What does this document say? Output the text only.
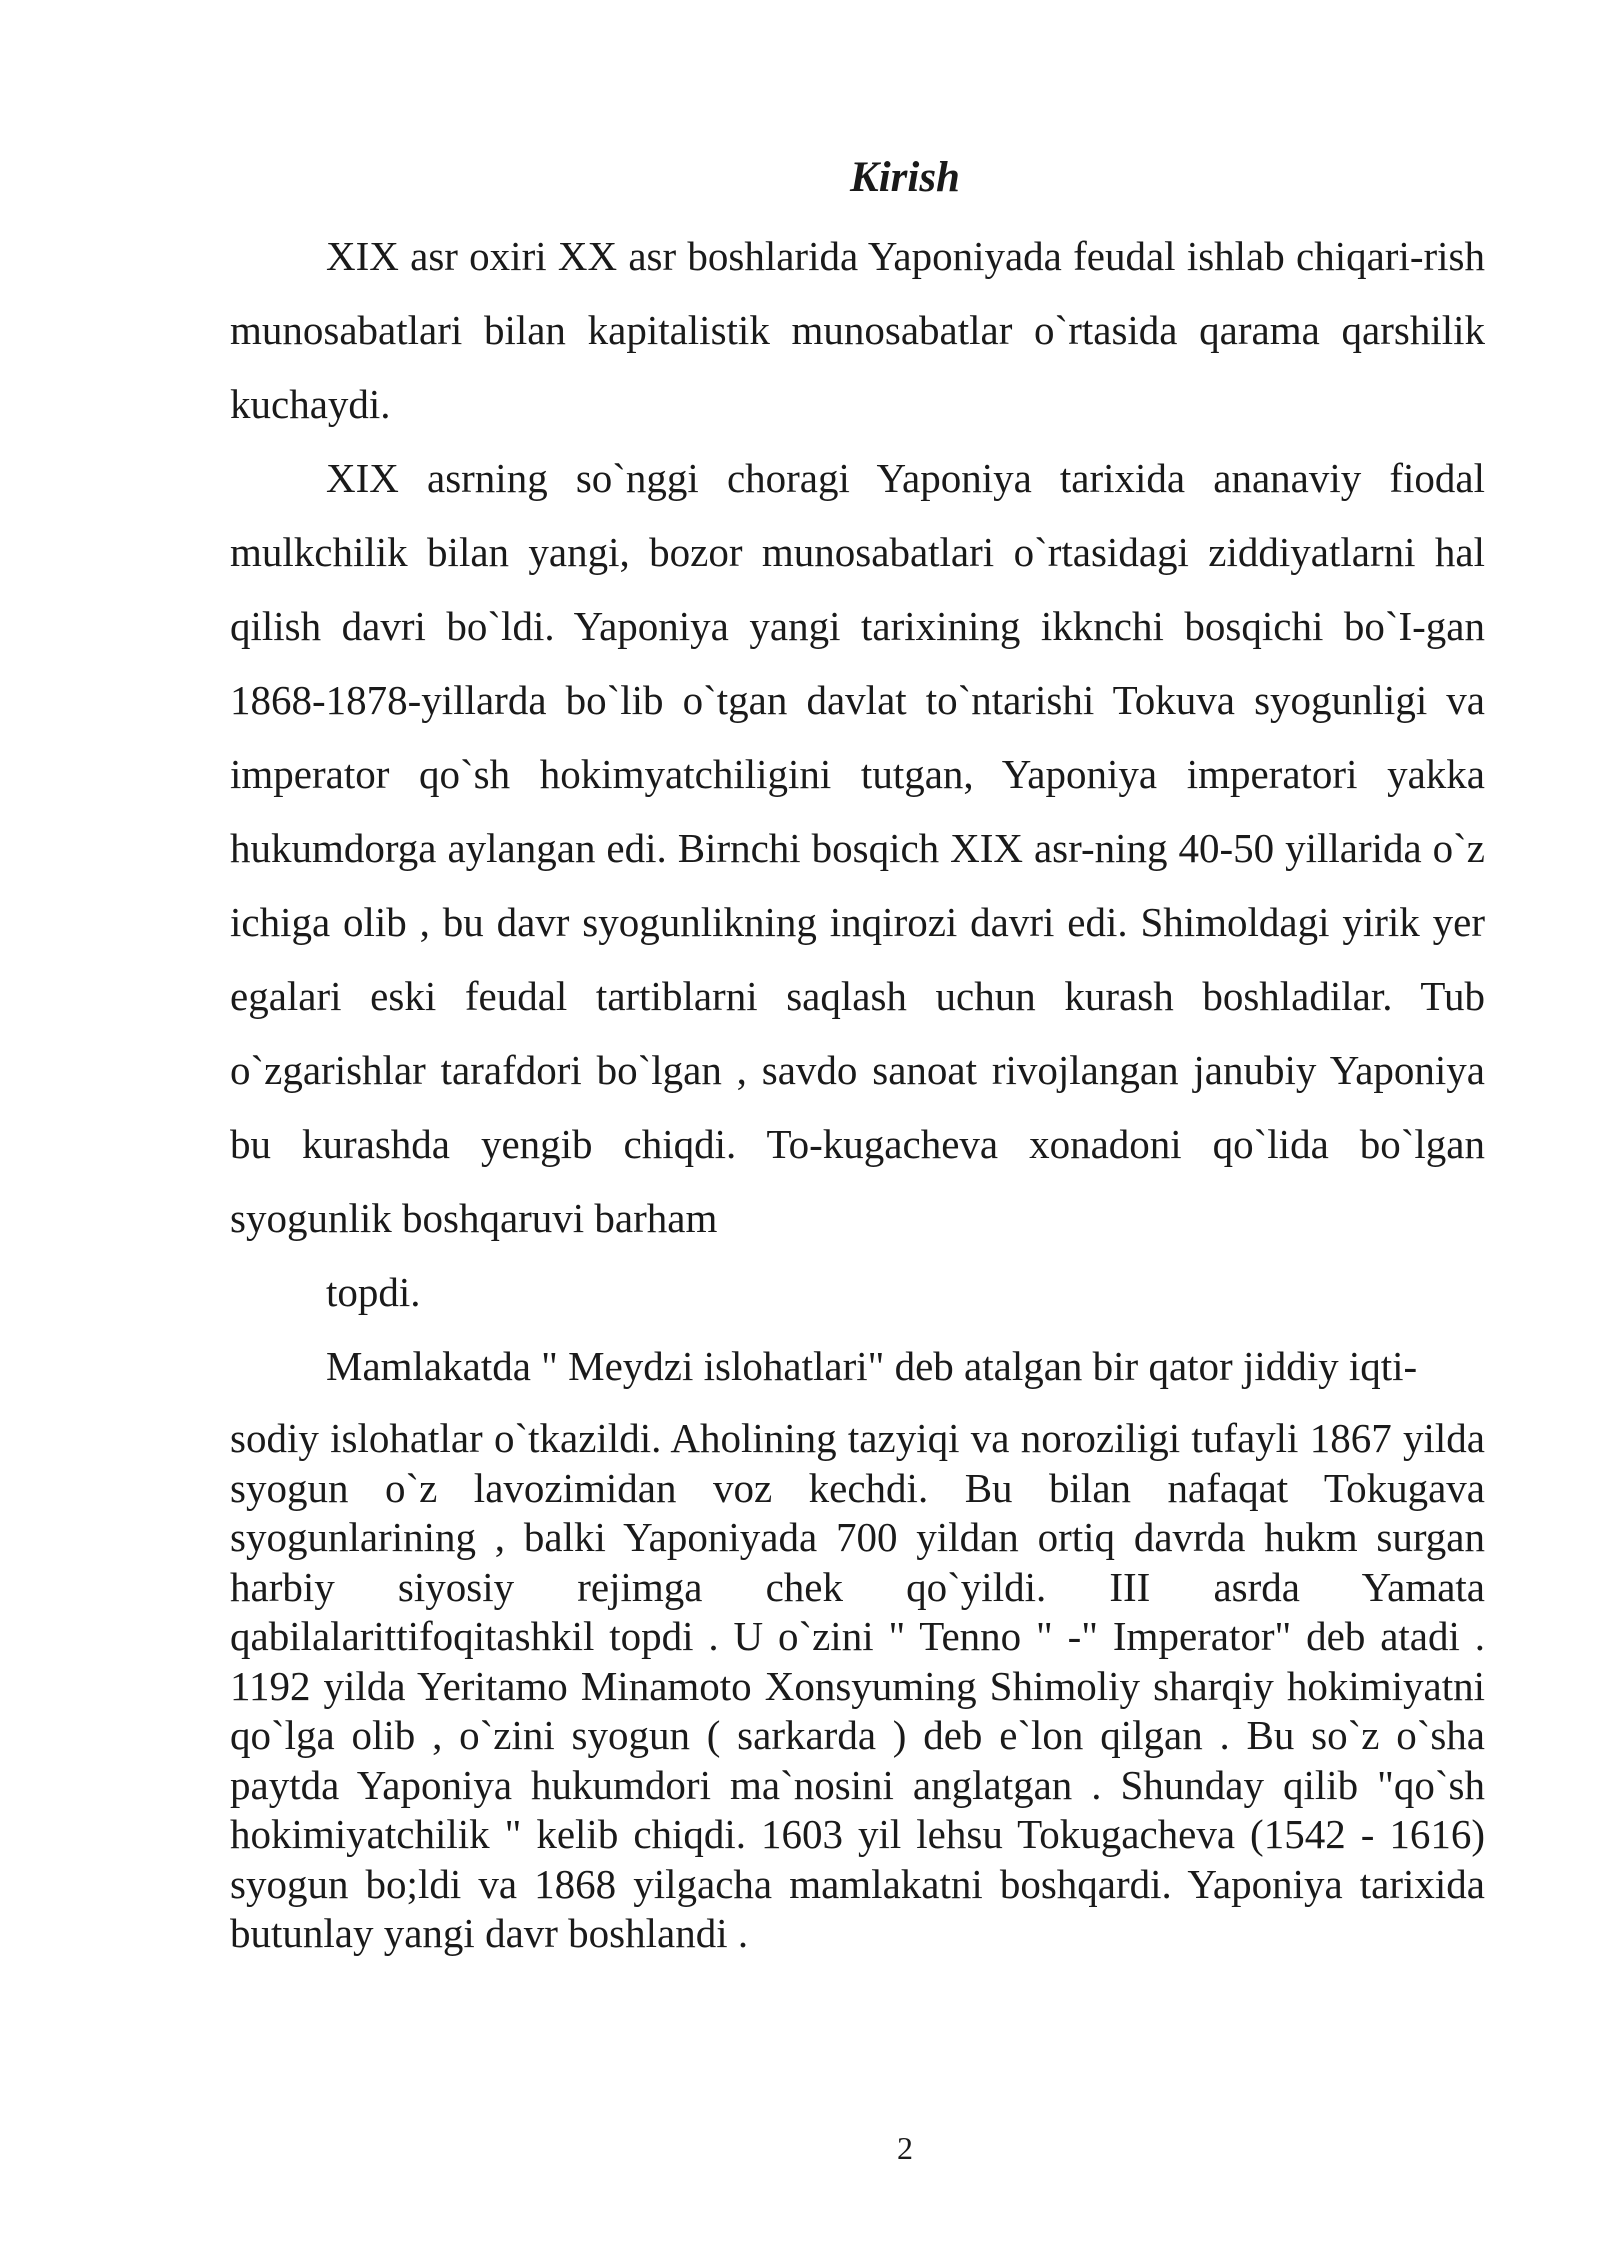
Kirish

XIX asr oxiri XX asr boshlarida Yaponiyada feudal ishlab chiqari-rish munosabatlari bilan kapitalistik munosabatlar o`rtasida qarama qarshilik kuchaydi.

XIX asrning so`nggi choragi Yaponiya tarixida ananaviy fiodal mulkchilik bilan yangi, bozor munosabatlari o`rtasidagi ziddiyatlarni hal qilish davri bo`ldi. Yaponiya yangi tarixining ikknchi bosqichi bo`I-gan 1868-1878-yillarda bo`lib o`tgan davlat to`ntarishi Tokuva syogunligi va imperator qo`sh hokimyatchiligini tutgan, Yaponiya imperatori yakka hukumdorga aylangan edi. Birnchi bosqich XIX asr-ning 40-50 yillarida o`z ichiga olib , bu davr syogunlikning inqirozi davri edi. Shimoldagi yirik yer egalari eski feudal tartiblarni saqlash uchun kurash boshladilar. Tub o`zgarishlar tarafdori bo`lgan , savdo sanoat rivojlangan janubiy Yaponiya bu kurashda yengib chiqdi. To-kugacheva xonadoni qo`lida bo`lgan syogunlik boshqaruvi barham

topdi.
Mamlakatda " Meydzi islohatlari" deb atalgan bir qator jiddiy iqti-

sodiy islohatlar o`tkazildi. Aholining tazyiqi va noroziligi tufayli 1867 yilda syogun o`z lavozimidan voz kechdi. Bu bilan nafaqat Tokugava syogunlarining , balki Yaponiyada 700 yildan ortiq davrda hukm surgan harbiy siyosiy rejimga chek qo`yildi. III asrda Yamata qabilalarittifoqitashkil topdi . U o`zini " Tenno " -" Imperator" deb atadi . 1192 yilda Yeritamo Minamoto Xonsyuming Shimoliy sharqiy hokimiyatni qo`lga olib , o`zini syogun ( sarkarda ) deb e`lon qilgan . Bu so`z o`sha paytda Yaponiya hukumdori ma`nosini anglatgan . Shunday qilib "qo`sh hokimiyatchilik " kelib chiqdi. 1603 yil lehsu Tokugacheva (1542 - 1616) syogun bo;ldi va 1868 yilgacha mamlakatni boshqardi. Yaponiya tarixida butunlay yangi davr boshlandi .

2
